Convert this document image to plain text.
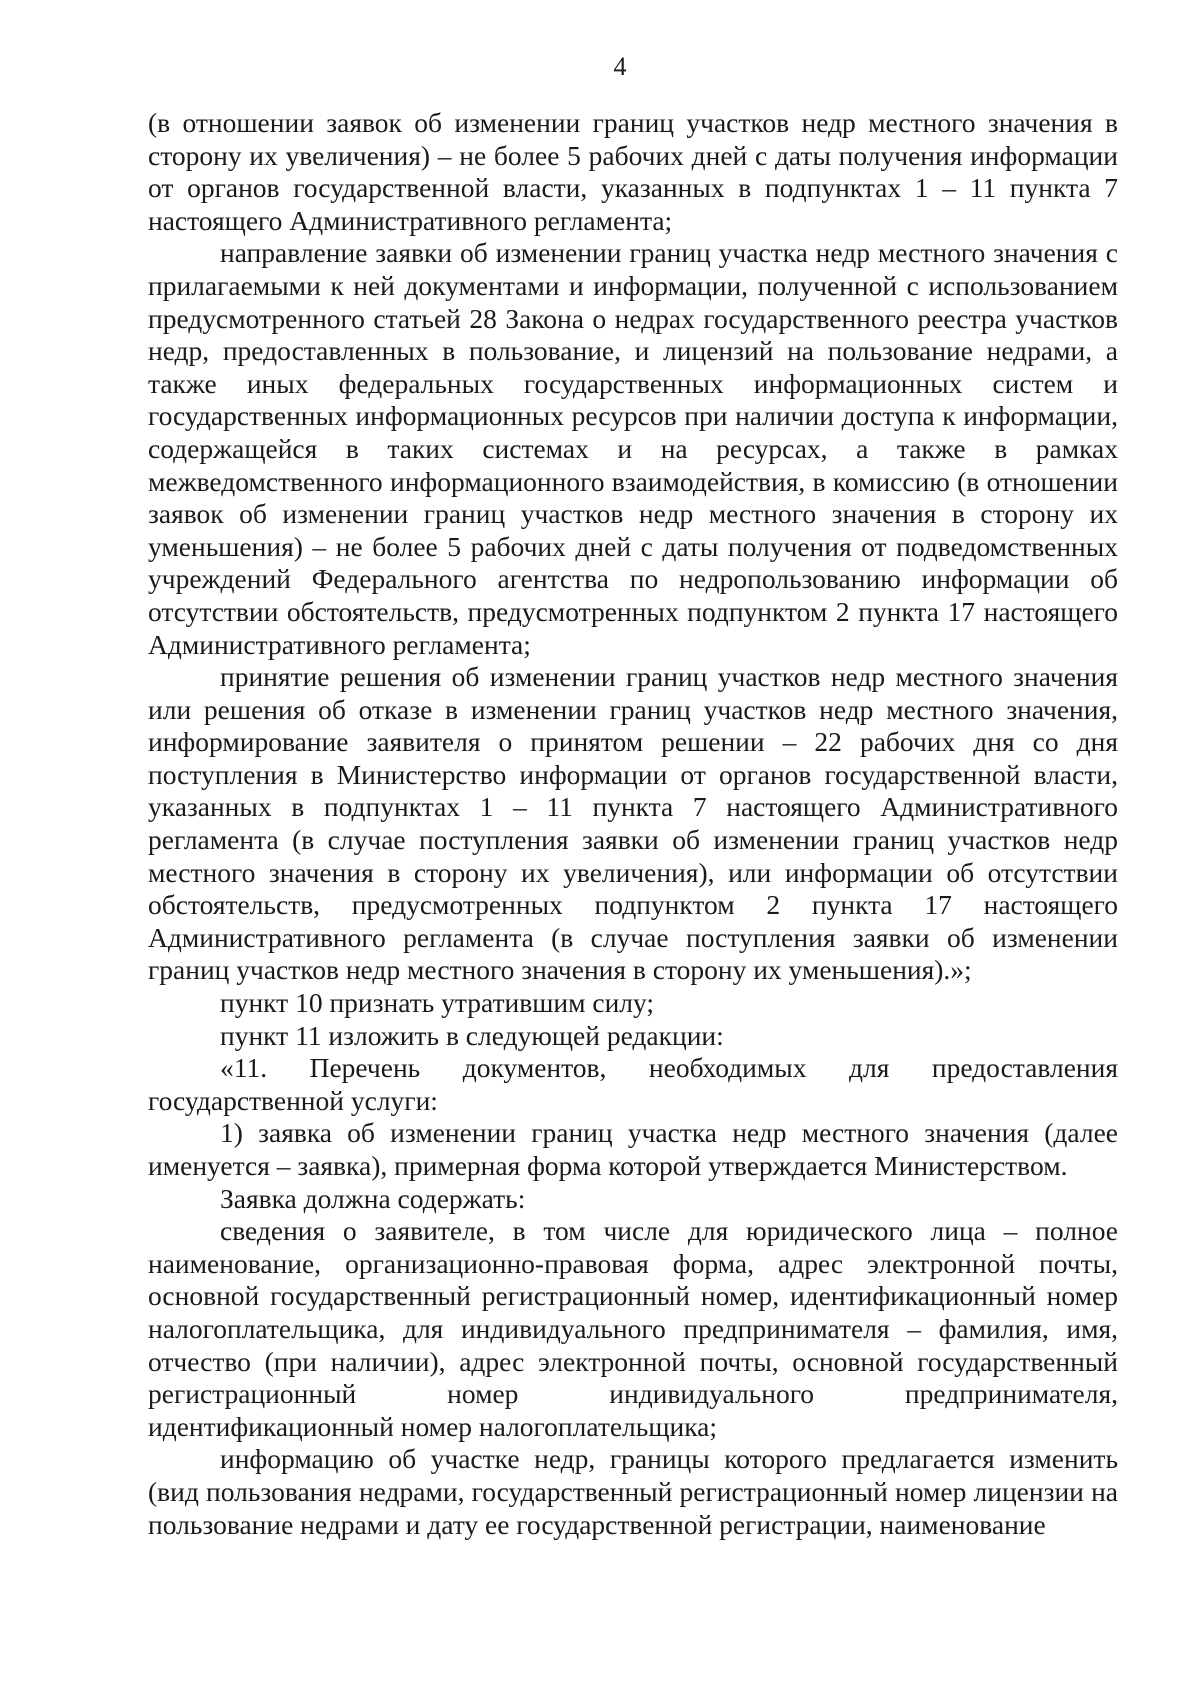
4

(в отношении заявок об изменении границ участков недр местного значения в сторону их увеличения) – не более 5 рабочих дней с даты получения информации от органов государственной власти, указанных в подпунктах 1 – 11 пункта 7 настоящего Административного регламента;

направление заявки об изменении границ участка недр местного значения с прилагаемыми к ней документами и информации, полученной с использованием предусмотренного статьей 28 Закона о недрах государственного реестра участков недр, предоставленных в пользование, и лицензий на пользование недрами, а также иных федеральных государственных информационных систем и государственных информационных ресурсов при наличии доступа к информации, содержащейся в таких системах и на ресурсах, а также в рамках межведомственного информационного взаимодействия, в комиссию (в отношении заявок об изменении границ участков недр местного значения в сторону их уменьшения) – не более 5 рабочих дней с даты получения от подведомственных учреждений Федерального агентства по недропользованию информации об отсутствии обстоятельств, предусмотренных подпунктом 2 пункта 17 настоящего Административного регламента;

принятие решения об изменении границ участков недр местного значения или решения об отказе в изменении границ участков недр местного значения, информирование заявителя о принятом решении – 22 рабочих дня со дня поступления в Министерство информации от органов государственной власти, указанных в подпунктах 1 – 11 пункта 7 настоящего Административного регламента (в случае поступления заявки об изменении границ участков недр местного значения в сторону их увеличения), или информации об отсутствии обстоятельств, предусмотренных подпунктом 2 пункта 17 настоящего Административного регламента (в случае поступления заявки об изменении границ участков недр местного значения в сторону их уменьшения).»;

пункт 10 признать утратившим силу;

пункт 11 изложить в следующей редакции:

«11. Перечень документов, необходимых для предоставления государственной услуги:

1) заявка об изменении границ участка недр местного значения (далее именуется – заявка), примерная форма которой утверждается Министерством.

Заявка должна содержать:

сведения о заявителе, в том числе для юридического лица – полное наименование, организационно-правовая форма, адрес электронной почты, основной государственный регистрационный номер, идентификационный номер налогоплательщика, для индивидуального предпринимателя – фамилия, имя, отчество (при наличии), адрес электронной почты, основной государственный регистрационный номер индивидуального предпринимателя, идентификационный номер налогоплательщика;

информацию об участке недр, границы которого предлагается изменить (вид пользования недрами, государственный регистрационный номер лицензии на пользование недрами и дату ее государственной регистрации, наименование
